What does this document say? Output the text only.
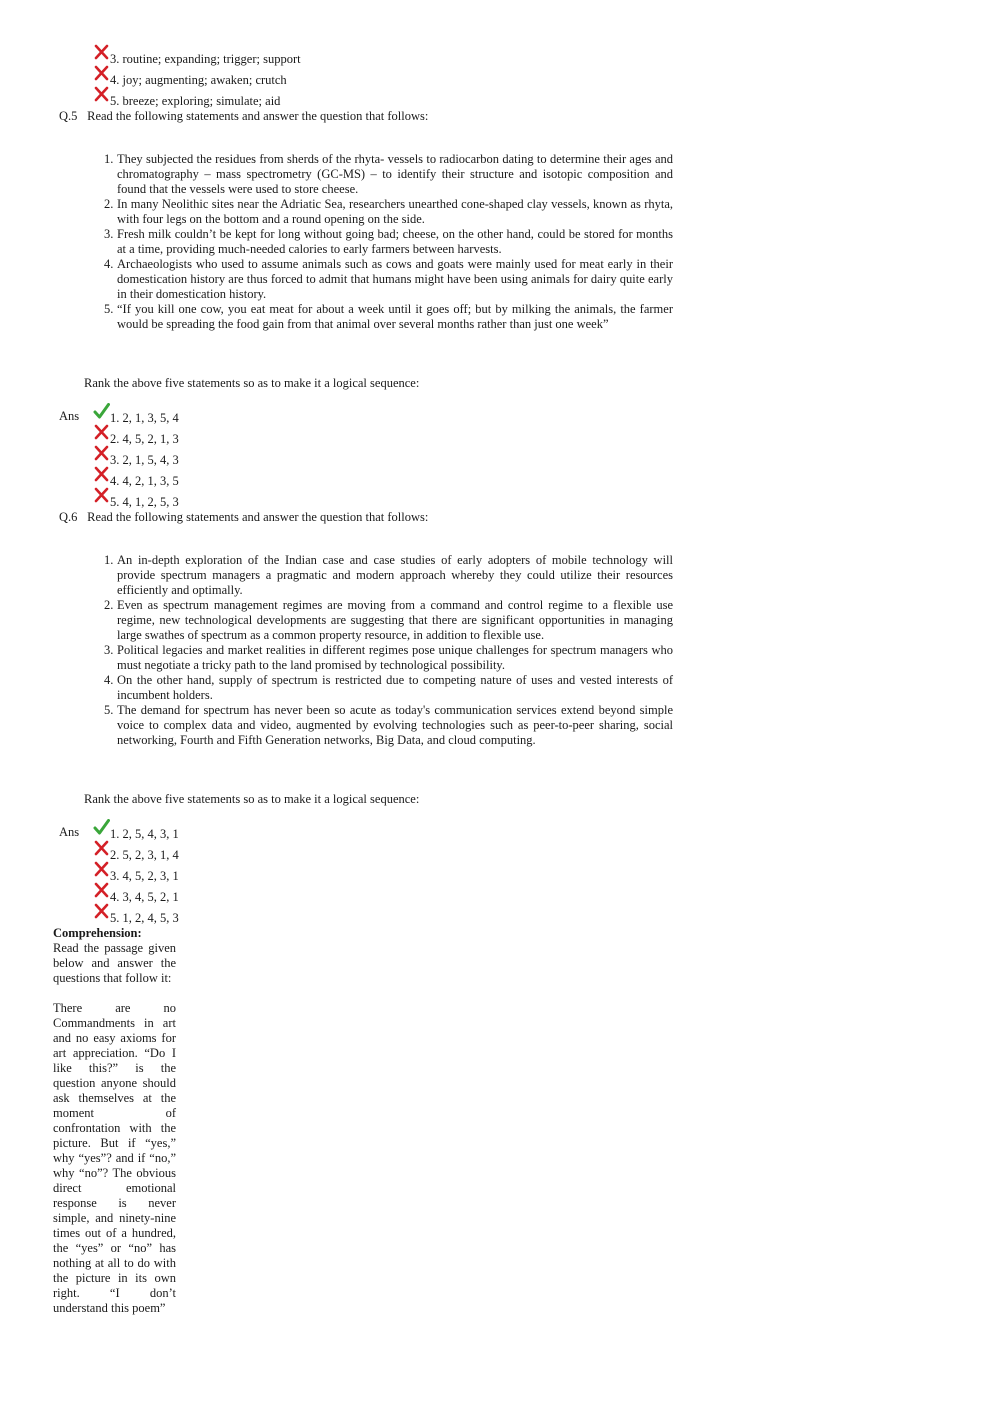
3. routine; expanding; trigger; support
4. joy; augmenting; awaken; crutch
5. breeze; exploring; simulate; aid
Q.5 Read the following statements and answer the question that follows:
1. They subjected the residues from sherds of the rhyta- vessels to radiocarbon dating to determine their ages and chromatography – mass spectrometry (GC-MS) – to identify their structure and isotopic composition and found that the vessels were used to store cheese.
2. In many Neolithic sites near the Adriatic Sea, researchers unearthed cone-shaped clay vessels, known as rhyta, with four legs on the bottom and a round opening on the side.
3. Fresh milk couldn’t be kept for long without going bad; cheese, on the other hand, could be stored for months at a time, providing much-needed calories to early farmers between harvests.
4. Archaeologists who used to assume animals such as cows and goats were mainly used for meat early in their domestication history are thus forced to admit that humans might have been using animals for dairy quite early in their domestication history.
5. “If you kill one cow, you eat meat for about a week until it goes off; but by milking the animals, the farmer would be spreading the food gain from that animal over several months rather than just one week”
Rank the above five statements so as to make it a logical sequence:
Ans	1. 2, 1, 3, 5, 4
2. 4, 5, 2, 1, 3
3. 2, 1, 5, 4, 3
4. 4, 2, 1, 3, 5
5. 4, 1, 2, 5, 3
Q.6 Read the following statements and answer the question that follows:
1. An in-depth exploration of the Indian case and case studies of early adopters of mobile technology will provide spectrum managers a pragmatic and modern approach whereby they could utilize their resources efficiently and optimally.
2. Even as spectrum management regimes are moving from a command and control regime to a flexible use regime, new technological developments are suggesting that there are significant opportunities in managing large swathes of spectrum as a common property resource, in addition to flexible use.
3. Political legacies and market realities in different regimes pose unique challenges for spectrum managers who must negotiate a tricky path to the land promised by technological possibility.
4. On the other hand, supply of spectrum is restricted due to competing nature of uses and vested interests of incumbent holders.
5. The demand for spectrum has never been so acute as today's communication services extend beyond simple voice to complex data and video, augmented by evolving technologies such as peer-to-peer sharing, social networking, Fourth and Fifth Generation networks, Big Data, and cloud computing.
Rank the above five statements so as to make it a logical sequence:
Ans	1. 2, 5, 4, 3, 1
2. 5, 2, 3, 1, 4
3. 4, 5, 2, 3, 1
4. 3, 4, 5, 2, 1
5. 1, 2, 4, 5, 3
Comprehension:

Read the passage given below and answer the questions that follow it:

There are no Commandments in art and no easy axioms for art appreciation. “Do I like this?” is the question anyone should ask themselves at the moment of confrontation with the picture. But if “yes,” why “yes”? and if “no,” why “no”? The obvious direct emotional response is never simple, and ninety-nine times out of a hundred, the “yes” or “no” has nothing at all to do with the picture in its own right. “I don’t understand this poem”
